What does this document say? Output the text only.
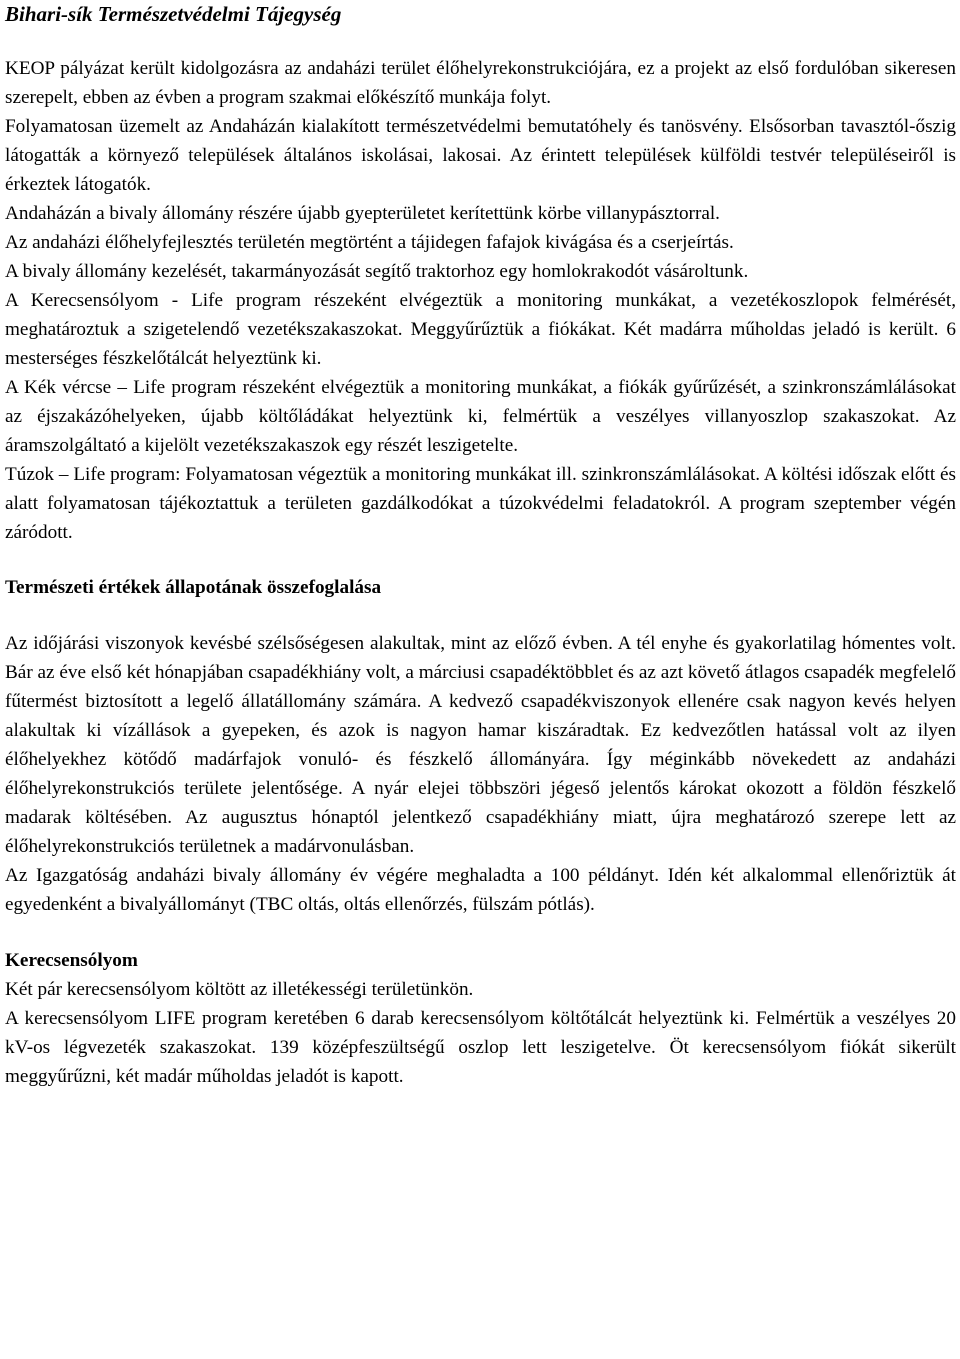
Bihari-sík Természetvédelmi Tájegység

KEOP pályázat került kidolgozásra az andaházi terület élőhelyrekonstrukciójára, ez a projekt az első fordulóban sikeresen szerepelt, ebben az évben a program szakmai előkészítő munkája folyt.

Folyamatosan üzemelt az Andaházán kialakított természetvédelmi bemutatóhely és tanösvény. Elsősorban tavasztól-őszig látogatták a környező települések általános iskolásai, lakosai. Az érintett települések külföldi testvér településeiről is érkeztek látogatók.

Andaházán a bivaly állomány részére újabb gyepterületet kerítettünk körbe villanypásztorral.

Az andaházi élőhelyfejlesztés területén megtörtént a tájidegen fafajok kivágása és a cserjeírtás.

A bivaly állomány kezelését, takarmányozását segítő traktorhoz egy homlokrakodót vásároltunk.

A Kerecsensólyom - Life program részeként elvégeztük a monitoring munkákat, a vezetékoszlopok felmérését, meghatároztuk a szigetelendő vezetékszakaszokat. Meggyűrűztük a fiókákat. Két madárra műholdas jeladó is került. 6 mesterséges fészkelőtálcát helyeztünk ki.

A Kék vércse – Life program részeként elvégeztük a monitoring munkákat, a fiókák gyűrűzését, a szinkronszámlálásokat az éjszakázóhelyeken, újabb költőládákat helyeztünk ki, felmértük a veszélyes villanyoszlop szakaszokat. Az áramszolgáltató a kijelölt vezetékszakaszok egy részét leszigetelte.

Túzok – Life program: Folyamatosan végeztük a monitoring munkákat ill. szinkronszámlálásokat. A költési időszak előtt és alatt folyamatosan tájékoztattuk a területen gazdálkodókat a túzokvédelmi feladatokról. A program szeptember végén záródott.

Természeti értékek állapotának összefoglalása

Az időjárási viszonyok kevésbé szélsőségesen alakultak, mint az előző évben. A tél enyhe és gyakorlatilag hómentes volt. Bár az éve első két hónapjában csapadékhiány volt, a márciusi csapadéktöbblet és az azt követő átlagos csapadék megfelelő fűtermést biztosított a legelő állatállomány számára. A kedvező csapadékviszonyok ellenére csak nagyon kevés helyen alakultak ki vízállások a gyepeken, és azok is nagyon hamar kiszáradtak. Ez kedvezőtlen hatással volt az ilyen élőhelyekhez kötődő madárfajok vonuló- és fészkelő állományára. Így méginkább növekedett az andaházi élőhelyrekonstrukciós területe jelentősége. A nyár elejei többszöri jégeső jelentős károkat okozott a földön fészkelő madarak költésében. Az augusztus hónaptól jelentkező csapadékhiány miatt, újra meghatározó szerepe lett az élőhelyrekonstrukciós területnek a madárvonulásban.

Az Igazgatóság andaházi bivaly állomány év végére meghaladta a 100 példányt. Idén két alkalommal ellenőriztük át egyedenként a bivalyállományt (TBC oltás, oltás ellenőrzés, fülszám pótlás).

Kerecsensólyom

Két pár kerecsensólyom költött az illetékességi területünkön.

A kerecsensólyom LIFE program keretében 6 darab kerecsensólyom költőtálcát helyeztünk ki. Felmértük a veszélyes 20 kV-os légvezeték szakaszokat. 139 középfeszültségű oszlop lett leszigetelve. Öt kerecsensólyom fiókát sikerült meggyűrűzni, két madár műholdas jeladót is kapott.
